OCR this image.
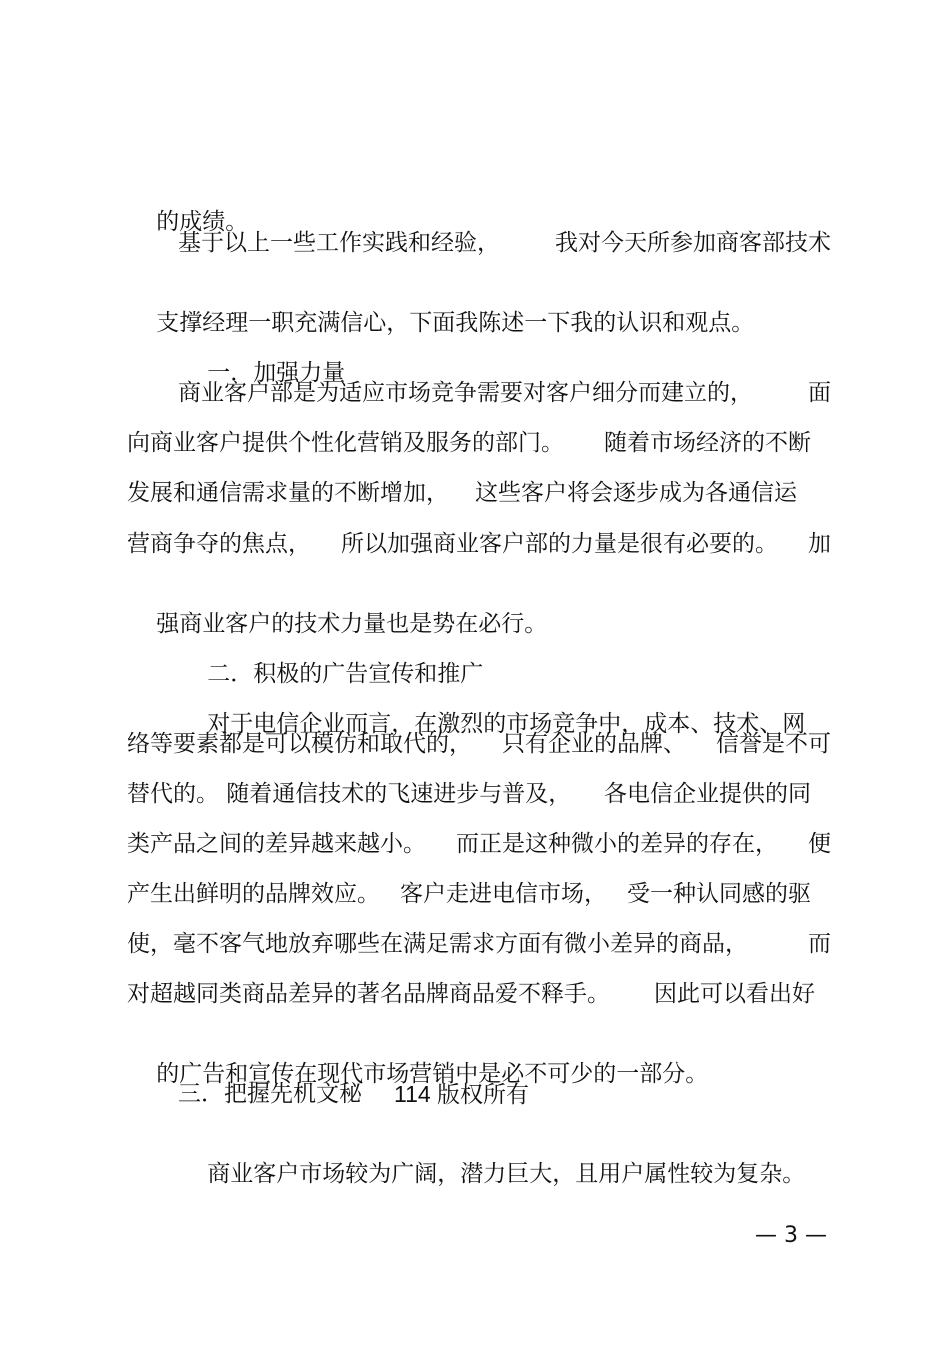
的成绩。

基于以上一些工作实践和经验， 我对今天所参加商客部技术

支撑经理一职充满信心，下面我陈述一下我的认识和观点。

一．加强力量

商业客户部是为适应市场竞争需要对客户细分而建立的， 面
向商业客户提供个性化营销及服务的部门。 随着市场经济的不断
发展和通信需求量的不断增加， 这些客户将会逐步成为各通信运
营商争夺的焦点， 所以加强商业客户部的力量是很有必要的。 加

强商业客户的技术力量也是势在必行。

二．积极的广告宣传和推广

对于电信企业而言，在激烈的市场竞争中，成本、技术、网

络等要素都是可以模仿和取代的， 只有企业的品牌、 信誉是不可
替代的。 随着通信技术的飞速进步与普及， 各电信企业提供的同
类产品之间的差异越来越小。 而正是这种微小的差异的存在， 便
产生出鲜明的品牌效应。 客户走进电信市场， 受一种认同感的驱
使，毫不客气地放弃哪些在满足需求方面有微小差异的商品，	而
对超越同类商品差异的著名品牌商品爱不释手。 因此可以看出好

的广告和宣传在现代市场营销中是必不可少的一部分。

三．把握先机文秘 114 版权所有

商业客户市场较为广阔，潜力巨大，且用户属性较为复杂。

— 3 —
